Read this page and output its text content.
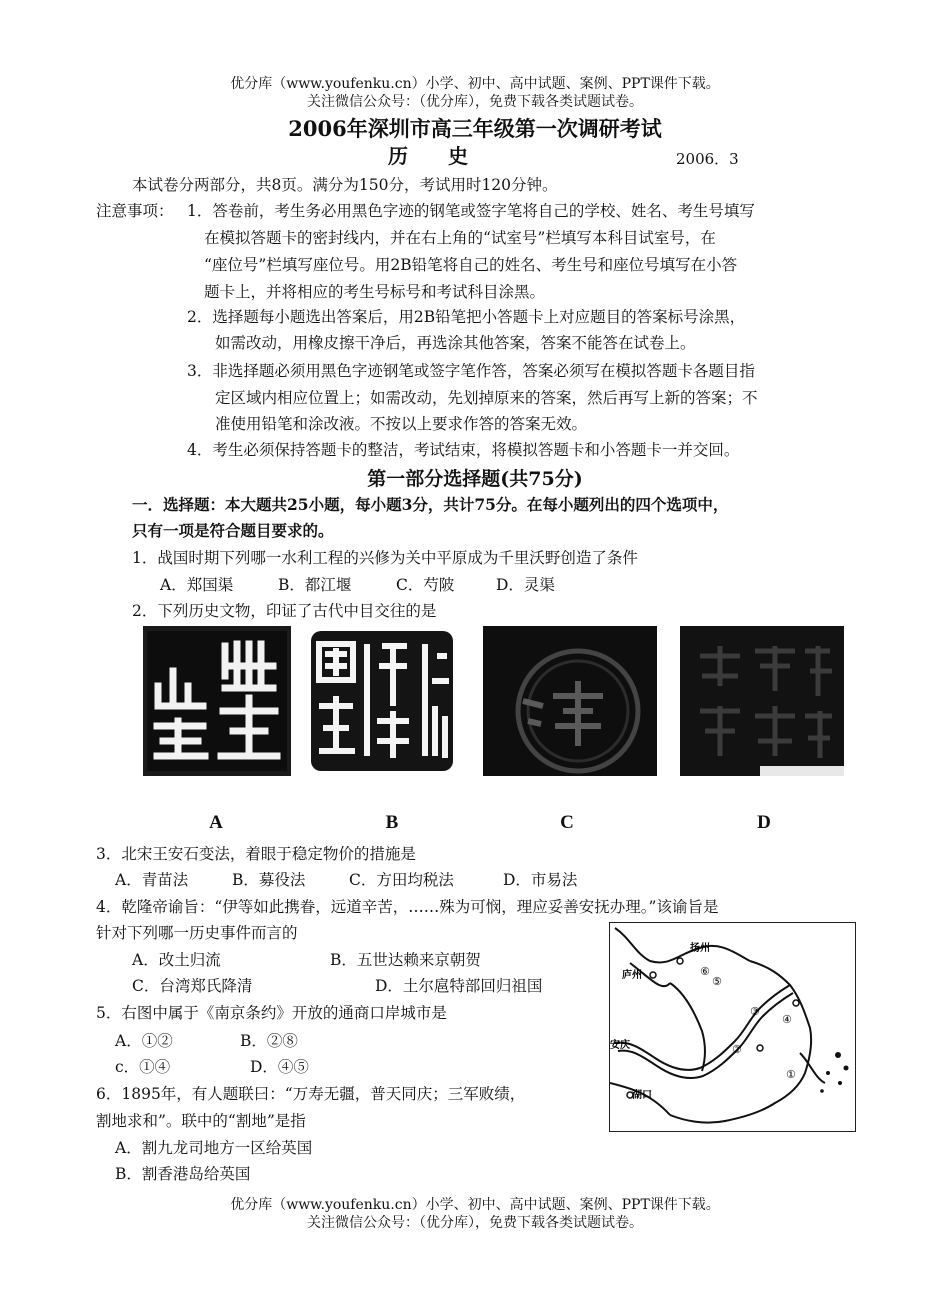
优分库（www.youfenku.cn）小学、初中、高中试题、案例、PPT课件下载。
关注微信公众号：（优分库），免费下载各类试题试卷。
2006年深圳市高三年级第一次调研考试
历　　史	2006．3
本试卷分两部分，共8页。满分为150分，考试用时120分钟。
注意事项： 1．答卷前，考生务必用黑色字迹的钢笔或签字笔将自己的学校、姓名、考生号填写
在模拟答题卡的密封线内，并在右上角的“试室号”栏填写本科目试室号，在
“座位号”栏填写座位号。用2B铅笔将自己的姓名、考生号和座位号填写在小答
题卡上，并将相应的考生号标号和考试科目涂黑。
2．选择题每小题选出答案后，用2B铅笔把小答题卡上对应题目的答案标号涂黑，
如需改动，用橡皮擦干净后，再选涂其他答案，答案不能答在试卷上。
3．非选择题必须用黑色字迹钢笔或签字笔作答，答案必须写在模拟答题卡各题目指
定区域内相应位置上；如需改动，先划掉原来的答案，然后再写上新的答案；不
准使用铅笔和涂改液。不按以上要求作答的答案无效。
4．考生必须保持答题卡的整洁，考试结束，将模拟答题卡和小答题卡一并交回。
第一部分选择题(共75分)
一．选择题：本大题共25小题，每小题3分，共计75分。在每小题列出的四个选项中，
只有一项是符合题目要求的。
1．战国时期下列哪一水利工程的兴修为关中平原成为千里沃野创造了条件
A．郑国渠	B．都江堰	C．芍陂	D．灵渠
2．下列历史文物，印证了古代中目交往的是
A	B	C	D
3．北宋王安石变法，着眼于稳定物价的措施是
A．青苗法	B．募役法	C．方田均税法	D．市易法
4．乾隆帝谕旨：“伊等如此携眷，远道辛苦，……殊为可悯，理应妥善安抚办理。”该谕旨是
针对下列哪一历史事件而言的
A．改土归流	B．五世达赖来京朝贺
C．台湾郑氏降清	D．土尔扈特部回归祖国
5．右图中属于《南京条约》开放的通商口岸城市是
A．①②	B．②⑧
c．①④	D．④⑤
6．1895年，有人题联曰：“万寿无疆，普天同庆；三军败绩，
割地求和”。联中的“割地”是指
A．割九龙司地方一区给英国
B．割香港岛给英国
扬州
庐州
安庆
湖口
①
②
③
④
⑤
⑥
优分库（www.youfenku.cn）小学、初中、高中试题、案例、PPT课件下载。
关注微信公众号：（优分库），免费下载各类试题试卷。
